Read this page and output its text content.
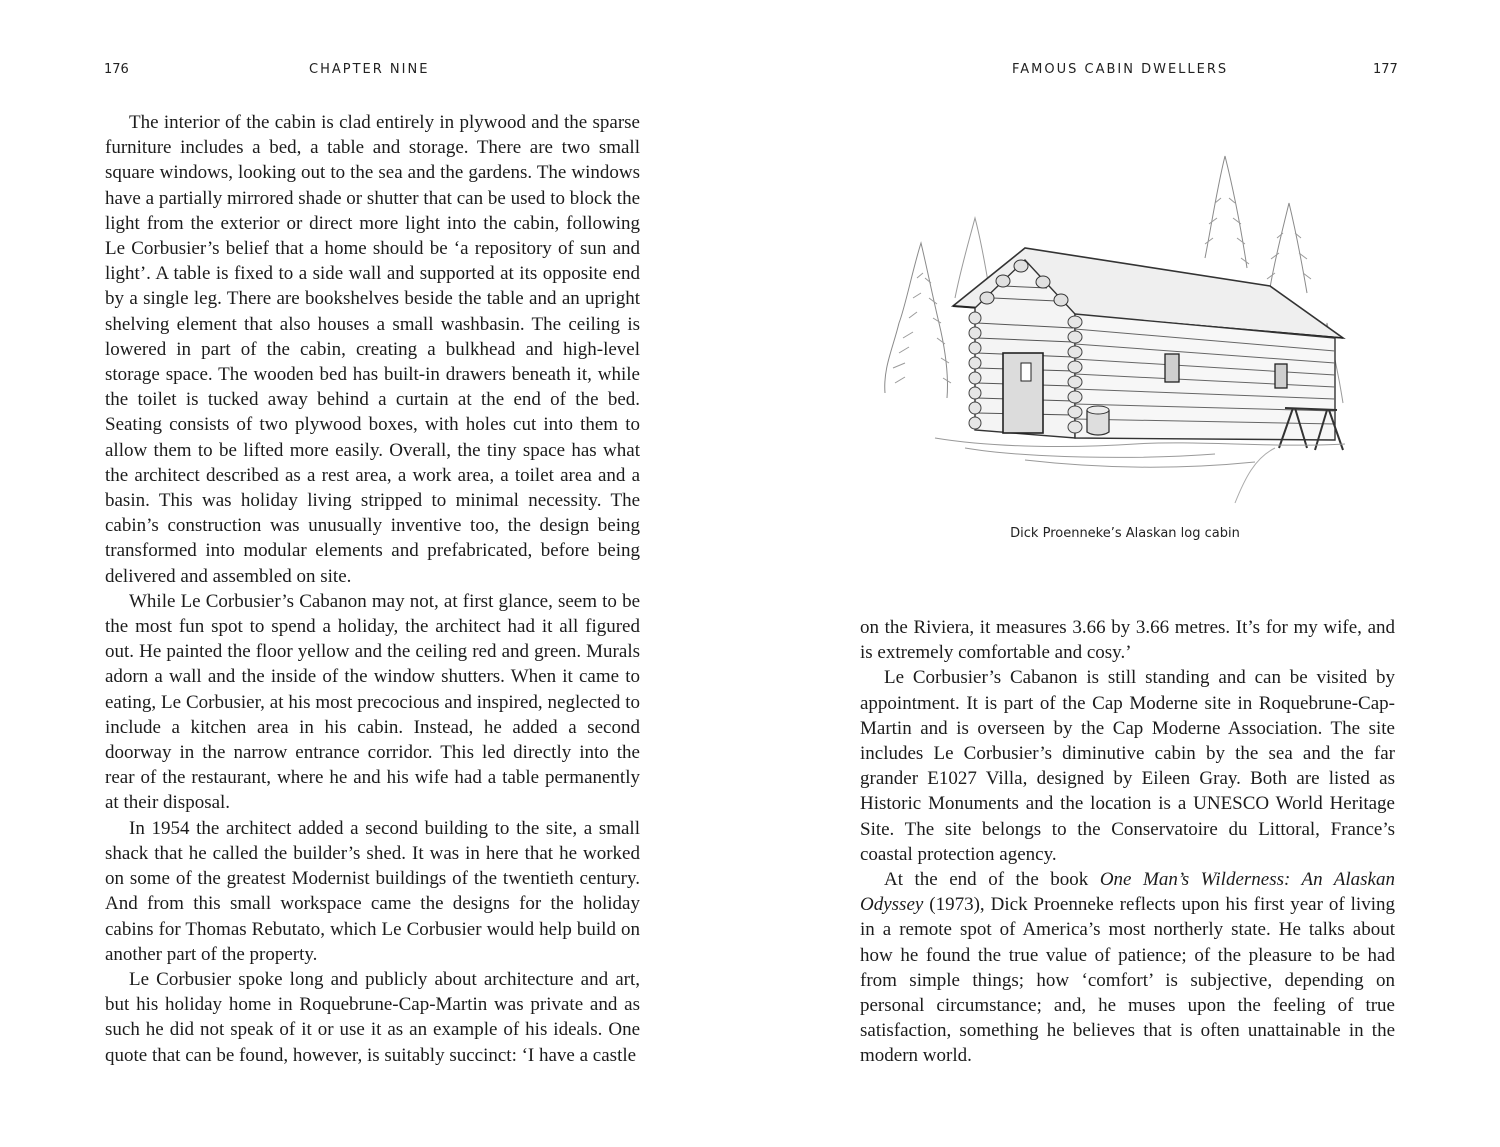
176	CHAPTER NINE

The interior of the cabin is clad entirely in plywood and the sparse furniture includes a bed, a table and storage. There are two small square windows, looking out to the sea and the gardens. The windows have a partially mirrored shade or shutter that can be used to block the light from the exterior or direct more light into the cabin, following Le Corbusier’s belief that a home should be ‘a repository of sun and light’. A table is fixed to a side wall and supported at its opposite end by a single leg. There are bookshelves beside the table and an upright shelving element that also houses a small washbasin. The ceiling is lowered in part of the cabin, creating a bulkhead and high-level storage space. The wooden bed has built-in drawers beneath it, while the toilet is tucked away behind a curtain at the end of the bed. Seating consists of two plywood boxes, with holes cut into them to allow them to be lifted more easily. Overall, the tiny space has what the architect described as a rest area, a work area, a toilet area and a basin. This was holiday living stripped to minimal necessity. The cabin’s construction was unusually inventive too, the design being transformed into modular elements and prefabricated, before being delivered and assembled on site.

While Le Corbusier’s Cabanon may not, at first glance, seem to be the most fun spot to spend a holiday, the architect had it all figured out. He painted the floor yellow and the ceiling red and green. Murals adorn a wall and the inside of the window shutters. When it came to eating, Le Corbusier, at his most precocious and inspired, neglected to include a kitchen area in his cabin. Instead, he added a second doorway in the narrow entrance corridor. This led directly into the rear of the restaurant, where he and his wife had a table permanently at their disposal.

In 1954 the architect added a second building to the site, a small shack that he called the builder’s shed. It was in here that he worked on some of the greatest Modernist buildings of the twentieth century. And from this small workspace came the designs for the holiday cabins for Thomas Rebutato, which Le Corbusier would help build on another part of the property.

Le Corbusier spoke long and publicly about architecture and art, but his holiday home in Roquebrune-Cap-Martin was private and as such he did not speak of it or use it as an example of his ideals. One quote that can be found, however, is suitably succinct: ‘I have a castle

FAMOUS CABIN DWELLERS	177
Dick Proenneke’s Alaskan log cabin

on the Riviera, it measures 3.66 by 3.66 metres. It’s for my wife, and is extremely comfortable and cosy.’

Le Corbusier’s Cabanon is still standing and can be visited by appointment. It is part of the Cap Moderne site in Roquebrune-Cap-Martin and is overseen by the Cap Moderne Association. The site includes Le Corbusier’s diminutive cabin by the sea and the far grander E1027 Villa, designed by Eileen Gray. Both are listed as Historic Monuments and the location is a UNESCO World Heritage Site. The site belongs to the Conservatoire du Littoral, France’s coastal protection agency.

At the end of the book One Man’s Wilderness: An Alaskan Odyssey (1973), Dick Proenneke reflects upon his first year of living in a remote spot of America’s most northerly state. He talks about how he found the true value of patience; of the pleasure to be had from simple things; how ‘comfort’ is subjective, depending on personal circumstance; and, he muses upon the feeling of true satisfaction, something he believes that is often unattainable in the modern world.
